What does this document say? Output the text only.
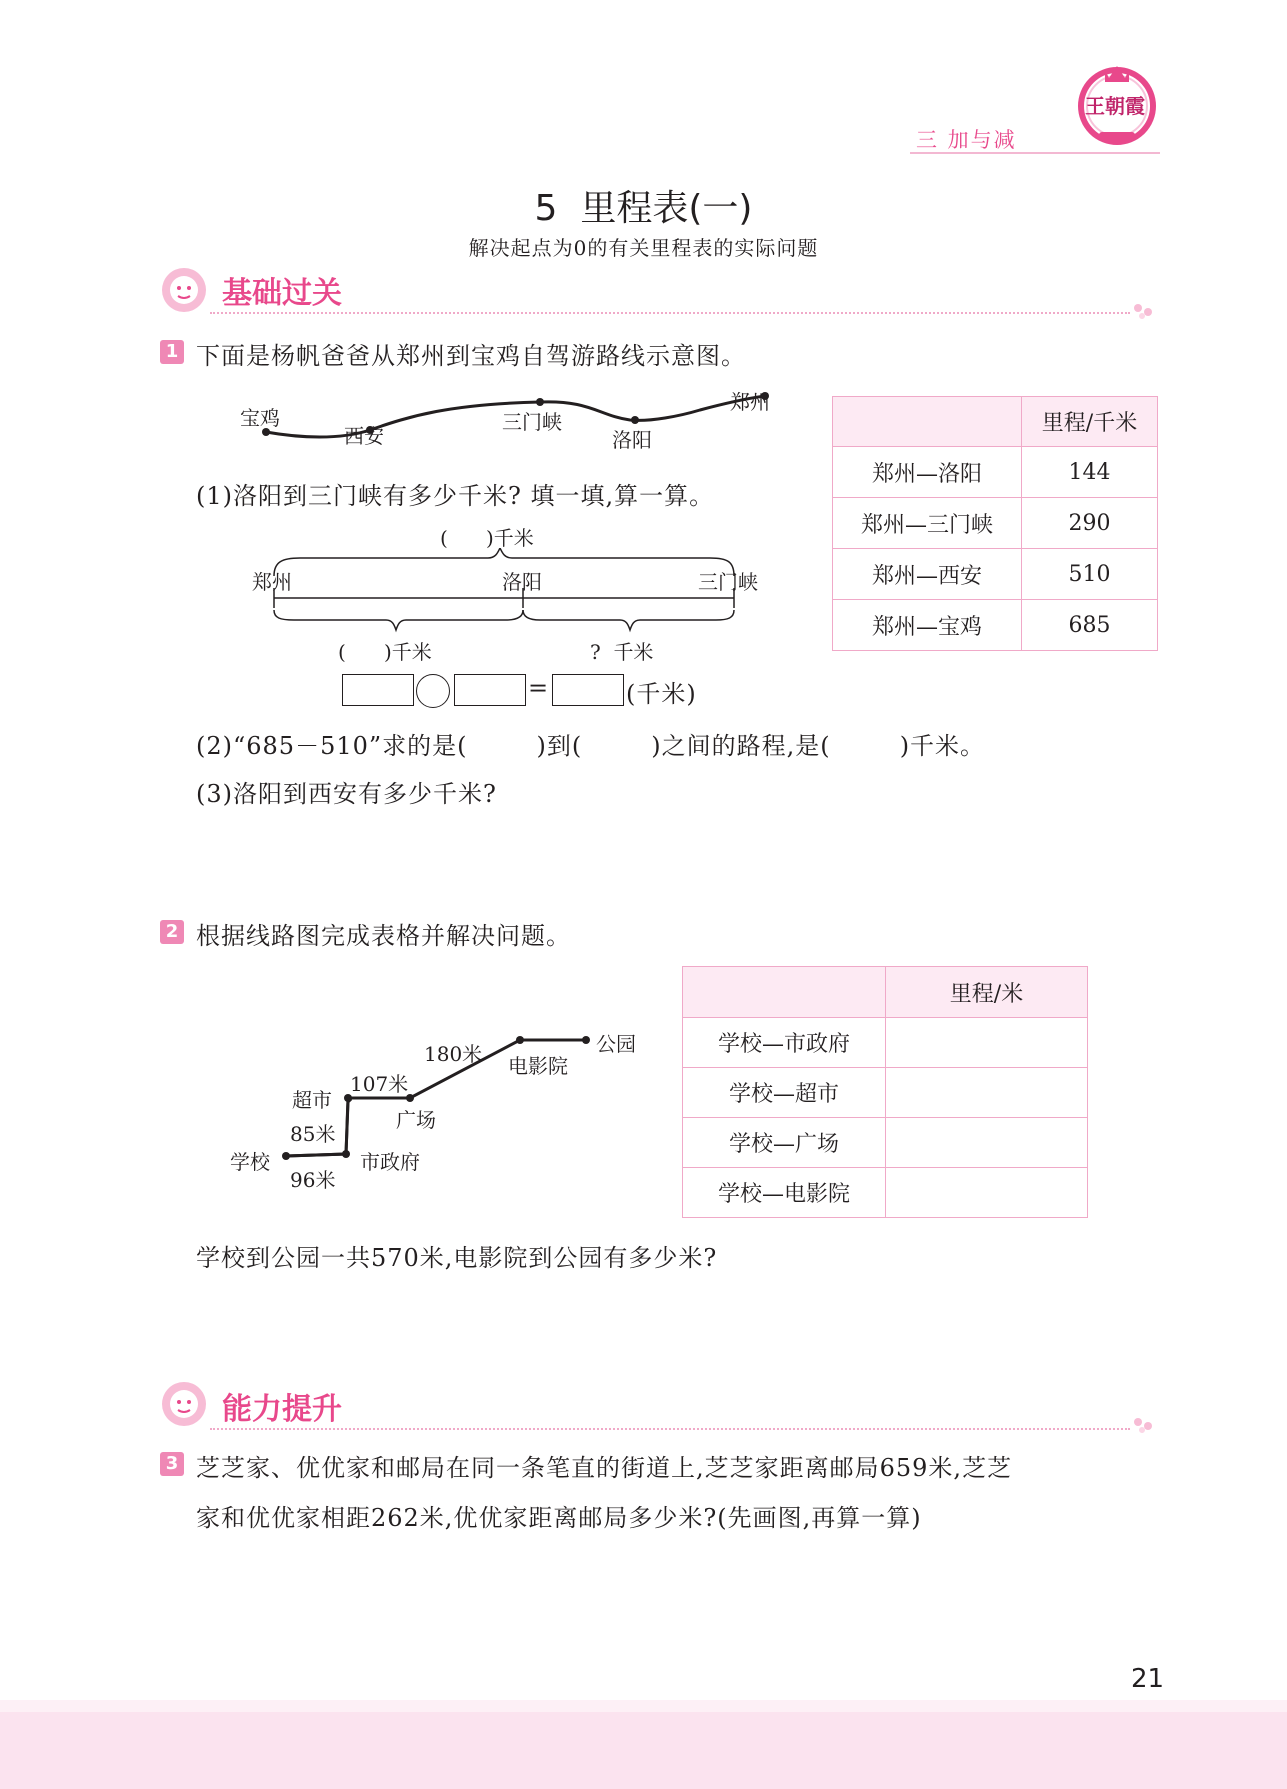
三 加与减
王朝霞
5  里程表(一)
解决起点为0的有关里程表的实际问题
基础过关
1 下面是杨帆爸爸从郑州到宝鸡自驾游路线示意图。
宝鸡
西安
三门峡
洛阳
郑州
	里程/千米
郑州—洛阳	144
郑州—三门峡	290
郑州—西安	510
郑州—宝鸡	685
(1)洛阳到三门峡有多少千米? 填一填,算一算。
(      )千米
郑州	洛阳	三门峡
(      )千米	?  千米
=	(千米)
(2)“685－510”求的是(        )到(        )之间的路程,是(        )千米。
(3)洛阳到西安有多少千米?
2 根据线路图完成表格并解决问题。
学校
96米
市政府
85米
超市
107米
广场
180米 电影院
公园
	里程/米
学校—市政府	
学校—超市	
学校—广场	
学校—电影院	
学校到公园一共570米,电影院到公园有多少米?
能力提升
3 芝芝家、优优家和邮局在同一条笔直的街道上,芝芝家距离邮局659米,芝芝
家和优优家相距262米,优优家距离邮局多少米?(先画图,再算一算)
21
